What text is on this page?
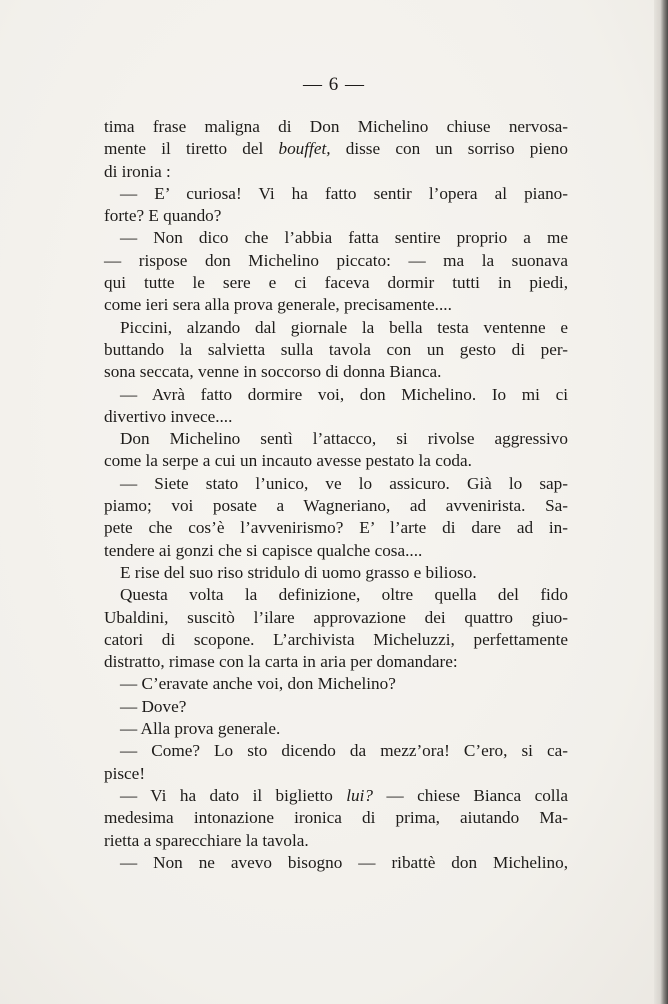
— 6 —
tima frase maligna di Don Michelino chiuse nervosa-
mente il tiretto del bouffet, disse con un sorriso pieno
di ironia :
— E’ curiosa! Vi ha fatto sentir l’opera al piano-
forte? E quando?
— Non dico che l’abbia fatta sentire proprio a me
— rispose don Michelino piccato: — ma la suonava
qui tutte le sere e ci faceva dormir tutti in piedi,
come ieri sera alla prova generale, precisamente....
Piccini, alzando dal giornale la bella testa ventenne e
buttando la salvietta sulla tavola con un gesto di per-
sona seccata, venne in soccorso di donna Bianca.
— Avrà fatto dormire voi, don Michelino. Io mi ci
divertivo invece....
Don Michelino sentì l’attacco, si rivolse aggressivo
come la serpe a cui un incauto avesse pestato la coda.
— Siete stato l’unico, ve lo assicuro. Già lo sap-
piamo; voi posate a Wagneriano, ad avvenirista. Sa-
pete che cos’è l’avvenirismo? E’ l’arte di dare ad in-
tendere ai gonzi che si capisce qualche cosa....
E rise del suo riso stridulo di uomo grasso e bilioso.
Questa volta la definizione, oltre quella del fido
Ubaldini, suscitò l’ilare approvazione dei quattro giuo-
catori di scopone. L’archivista Micheluzzi, perfettamente
distratto, rimase con la carta in aria per domandare:
— C’eravate anche voi, don Michelino?
— Dove?
— Alla prova generale.
— Come? Lo sto dicendo da mezz’ora! C’ero, si ca-
pisce!
— Vi ha dato il biglietto lui? — chiese Bianca colla
medesima intonazione ironica di prima, aiutando Ma-
rietta a sparecchiare la tavola.
— Non ne avevo bisogno — ribattè don Michelino,
